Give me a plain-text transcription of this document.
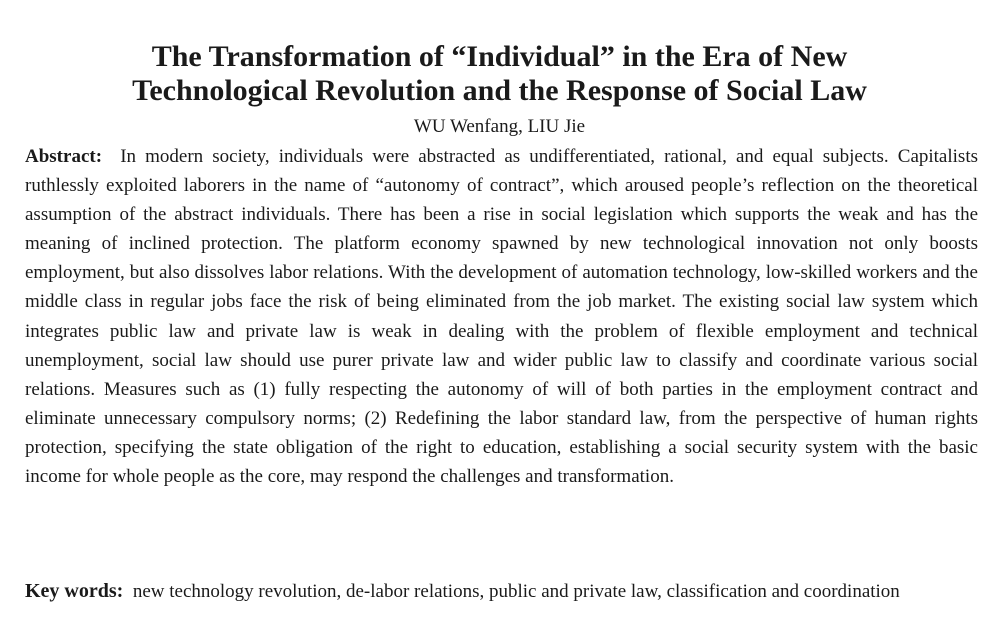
The Transformation of “Individual” in the Era of New
Technological Revolution and the Response of Social Law
WU Wenfang, LIU Jie

Abstract: In modern society, individuals were abstracted as undifferentiated, rational, and equal subjects. Capitalists ruthlessly exploited laborers in the name of “autonomy of contract”, which aroused people’s reflection on the theoretical assumption of the abstract individuals. There has been a rise in social legislation which supports the weak and has the meaning of inclined protection. The platform economy spawned by new technological innovation not only boosts employment, but also dissolves labor relations. With the development of automation technology, low-skilled workers and the middle class in regular jobs face the risk of being eliminated from the job market. The existing social law system which integrates public law and private law is weak in dealing with the problem of flexible employment and technical unemployment, social law should use purer private law and wider public law to classify and coordinate various social relations. Measures such as (1) fully respecting the autonomy of will of both parties in the employment contract and eliminate unnecessary compulsory norms; (2) Redefining the labor standard law, from the perspective of human rights protection, specifying the state obligation of the right to education, establishing a social security system with the basic income for whole people as the core, may respond the challenges and transformation.

Key words: new technology revolution, de-labor relations, public and private law, classification and coordination
